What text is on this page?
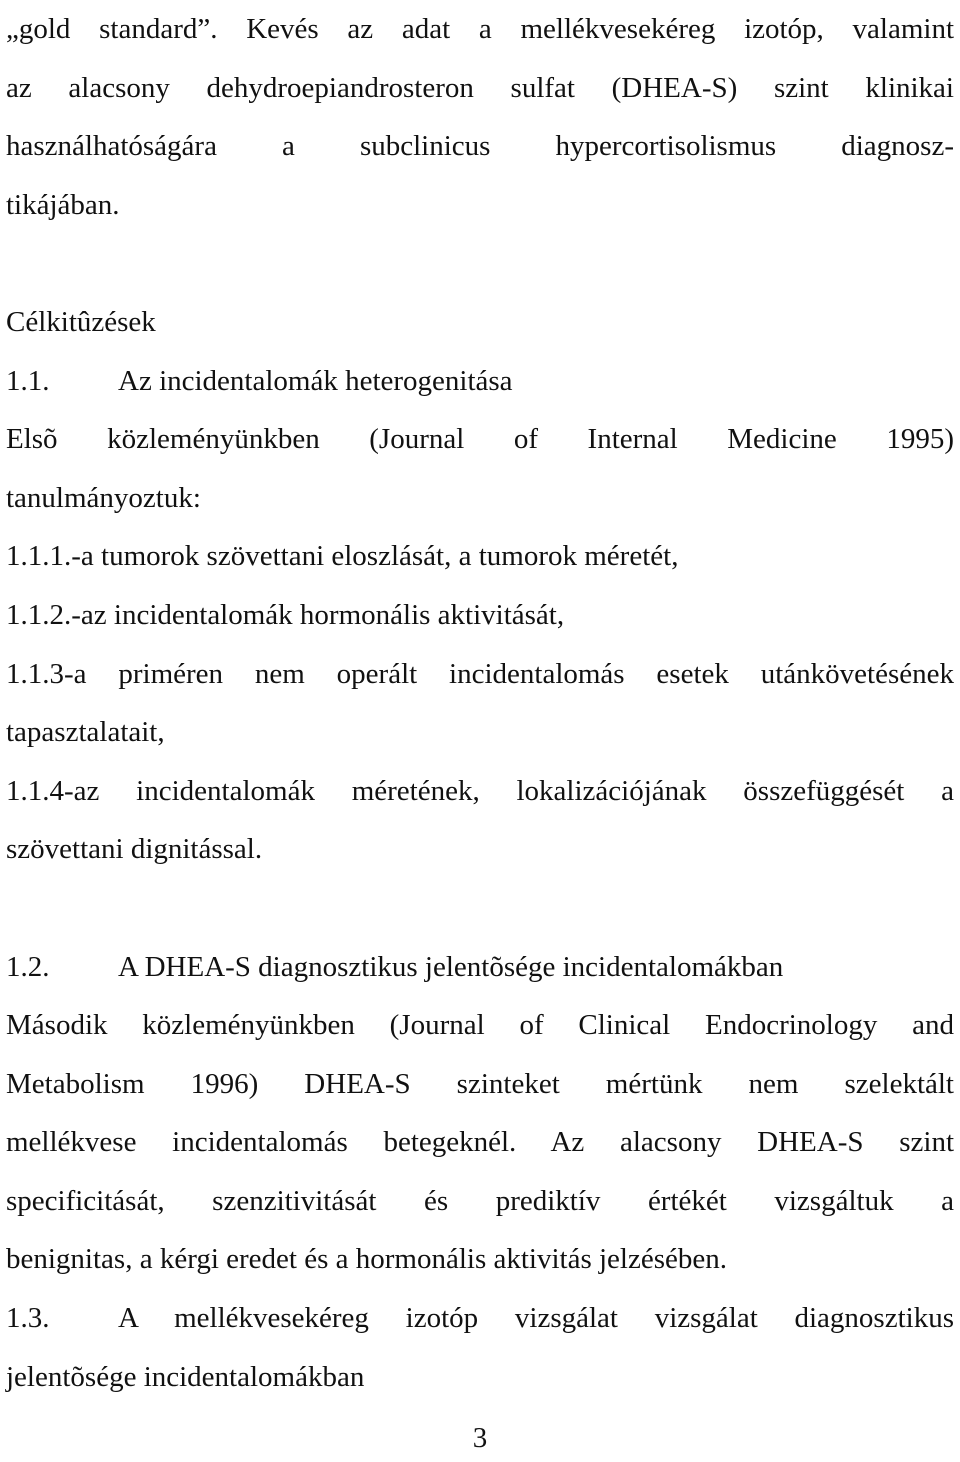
„gold standard”. Kevés az adat a mellékvesekéreg izotóp, valamint
az alacsony dehydroepiandrosteron sulfat (DHEA-S) szint klinikai
használhatóságára a subclinicus hypercortisolismus diagnosz-
tikájában.
Célkitûzések
1.1. Az incidentalomák heterogenitása
Elsõ közleményünkben (Journal of Internal Medicine 1995)
tanulmányoztuk:
1.1.1.-a tumorok szövettani eloszlását, a tumorok méretét,
1.1.2.-az incidentalomák hormonális aktivitását,
1.1.3-a priméren nem operált incidentalomás esetek utánkövetésének
tapasztalatait,
1.1.4-az incidentalomák méretének, lokalizációjának összefüggését a
szövettani dignitással.
1.2. A DHEA-S diagnosztikus jelentõsége incidentalomákban
Második közleményünkben (Journal of Clinical Endocrinology and
Metabolism 1996) DHEA-S szinteket mértünk nem szelektált
mellékvese incidentalomás betegeknél. Az alacsony DHEA-S szint
specificitását, szenzitivitását és prediktív értékét vizsgáltuk a
benignitas, a kérgi eredet és a hormonális aktivitás jelzésében.
1.3.	A mellékvesekéreg izotóp vizsgálat vizsgálat diagnosztikus
jelentõsége incidentalomákban
3
